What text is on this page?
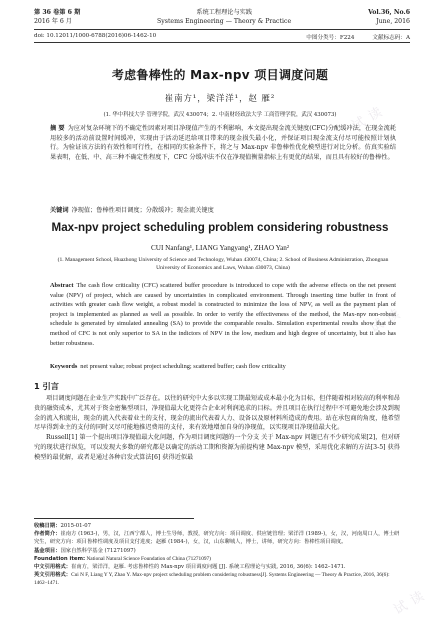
试 读
试 读
试 读
第 36 卷第 6 期	系统工程理论与实践	Vol.36, No.6
2016 年 6 月	Systems Engineering — Theory & Practice	June, 2016
doi: 10.12011/1000-6788(2016)06-1462-10	中图分类号：F224	文献标志码：A
考虑鲁棒性的 Max-npv 项目调度问题
崔南方¹，梁洋洋¹，赵 雁²
(1. 华中科技大学 管理学院，武汉 430074；2. 中南财经政法大学 工商管理学院，武汉 430073)
摘 要 为应对复杂环境下的不确定性因素对项目净现值产生的不利影响，本文提出现金流关键度(CFC)分配缓冲法，在现金流耗用较多的活动前设置时间缓冲，实现由于活动延迟给项目带来的现金损失最小化，并保证项目现金流支付尽可能按照计划执行。为验证该方法的有效性和可行性，在相同的实验条件下，将之与 Max-npv 非鲁棒性优化模型进行对比分析。仿真实验结果表明，在低、中、高三种不确定性程度下，CFC 分缓冲法不仅在净现值衡量指标上有更优的结果，而且具有较好的鲁棒性。
关键词 净现值；鲁棒性项目调度；分散缓冲；现金流关键度
Max-npv project scheduling problem considering robustness
CUI Nanfang¹, LIANG Yangyang¹, ZHAO Yan²
(1. Management School, Huazhong University of Science and Technology, Wuhan 430074, China; 2. School of Business Administration, Zhongnan University of Economics and Laws, Wuhan 430073, China)
Abstract The cash flow criticality (CFC) scattered buffer procedure is introduced to cope with the adverse effects on the net present value (NPV) of project, which are caused by uncertainties in complicated environment. Through inserting time buffer in front of activities with greater cash flow weight, a robust model is constructed to minimize the loss of NPV, as well as the payment plan of project is implemented as planned as well as possible. In order to verify the effectiveness of the method, the Max-npv non-robust schedule is generated by simulated annealing (SA) to provide the comparable results. Simulation experimental results show that the method of CFC is not only superior to SA in the indictors of NPV in the low, medium and high degree of uncertainty, but it also has better robustness.
Keywords net present value; robust project scheduling; scattered buffer; cash flow criticality
1 引言

项目调度问题在企业生产实践中广泛存在。以往的研究中大多以实现工期最短或成本最小化为目标，但伴随着相对较高的利率和昂贵的融资成本，尤其对于资金密集型项目，净现值最大化更符合企业对利润追求的目标。并且项目在执行过程中不可避免地会涉及到现金的流入和流出，现金的流入代表着业主的支付，现金的流出代表着人力、设备以及原材料所造成的费用。站在承包商的角度，他希望尽早得到业主的支付的同时又尽可能地推迟费用的支付，来有效地增加自身的净现值，以实现项目净现值最大化。

Russell[1] 第一个提出项目净现值最大化问题，作为项目调度问题的一个分支 关于 Max-npv 问题已有不少研究成果[2]，但对研究的现状进行纵览，可以发现大多数的研究都是以确定的活动工期和资源为前提构建 Max-npv 模型，采用优化求解的方法[3-5] 获得模型的最优解，或者是通过各种启发式算法[6] 获得近似最

收稿日期：2015-01-07
作者简介：崔南方 (1963-)，男，汉，江西宁都人，博士生导师，教授，研究方向：项目调度、供应链管理；梁洋洋 (1989-)，女，汉，河南周口人，博士研究生，研究方向：项目鲁棒性调度及项目支付进度；赵雁 (1984-)，女，汉，山东聊城人，博士，讲师，研究方向：鲁棒性项目调度。
基金项目：国家自然科学基金 (71271097)
Foundation item: National Natural Science Foundation of China (71271097)
中文引用格式：崔南方，梁洋洋，赵雁. 考虑鲁棒性的 Max-npv 项目调度问题 [J]. 系统工程理论与实践, 2016, 36(6): 1462–1471.
英文引用格式：Cui N F, Liang Y Y, Zhao Y. Max-npv project scheduling problem considering robustness[J]. Systems Engineering — Theory & Practice, 2016, 36(6): 1462–1471.
